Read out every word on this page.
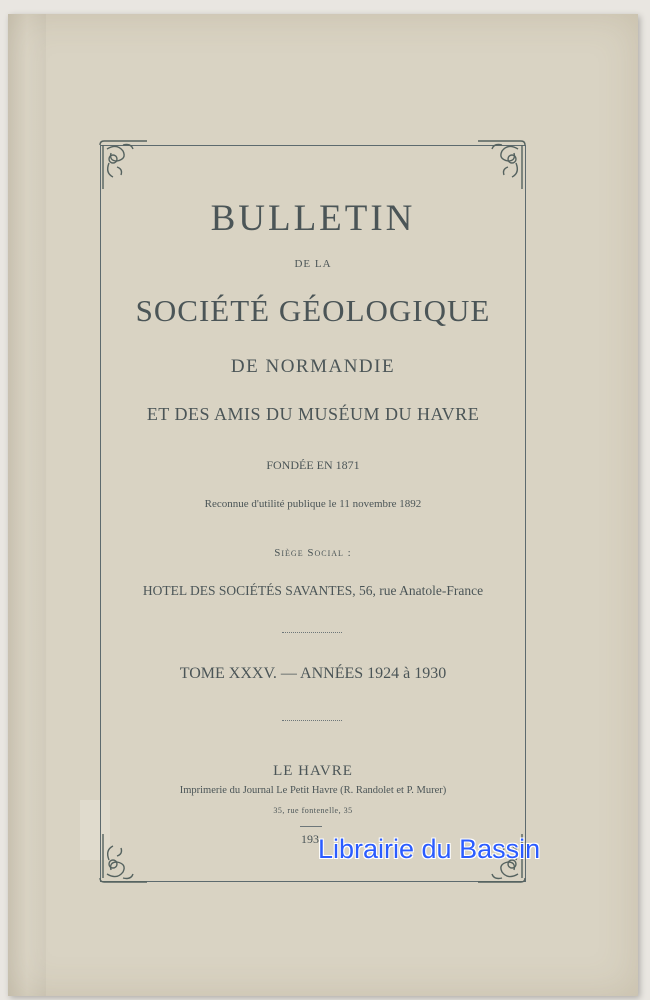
BULLETIN
DE LA
SOCIÉTÉ GÉOLOGIQUE
DE NORMANDIE
ET DES AMIS DU MUSÉUM DU HAVRE
FONDÉE EN 1871
Reconnue d'utilité publique le 11 novembre 1892
Siège Social :
HOTEL DES SOCIÉTÉS SAVANTES, 56, rue Anatole-France
TOME XXXV. — ANNÉES 1924 à 1930
LE HAVRE
Imprimerie du Journal Le Petit Havre (R. Randolet et P. Murer)
35, rue fontenelle, 35
193 Librairie du Bassin
